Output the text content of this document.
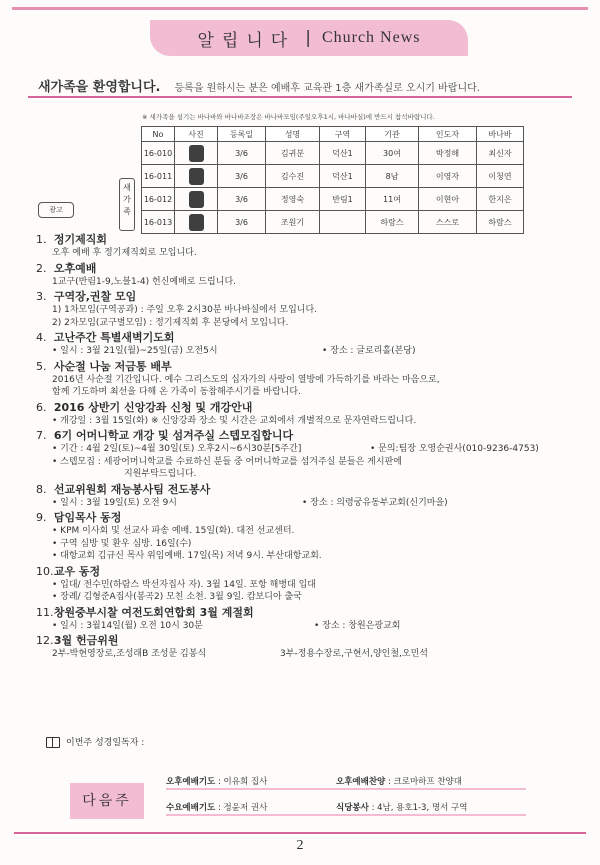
알립니다 | Church News
새가족을 환영합니다. 등록을 원하시는 분은 예배후 교육관 1층 새가족실로 오시기 바랍니다.
※ 새가족을 섬기는 바나바와 바나바조장은 바나바모임(주일오후1시, 바나바실)에 반드시 참석바랍니다.
No	사진	등록일	성명	구역	기관	인도자	바나바
16-010		3/6	김귀분	덕산1	30여	박정해	최신자
16-011		3/6	김수진	덕산1	8남	이영자	이청연
16-012		3/6	정영숙	반림1	11여	이현아	한지은
16-013		3/6	조원기		하람스	스스로	하람스
새가족
광고
1. 정기제직회
오후 예배 후 정기제직회로 모입니다.
2. 오후예배
1교구(반림1-9,노블1-4) 헌신예배로 드립니다.
3. 구역장,권찰 모임
1) 1차모임(구역공과) : 주일 오후 2시30분 바나바실에서 모입니다.
2) 2차모임(교구별모임) : 정기제직회 후 본당에서 모입니다.
4. 고난주간 특별새벽기도회
• 일시 : 3월 21일(월)~25일(금) 오전5시	• 장소 : 글로리홀(본당)
5. 사순절 나눔 저금통 배부
2016년 사순절 기간입니다. 예수 그리스도의 십자가의 사랑이 열방에 가득하기를 바라는 마음으로,
함께 기도하며 최선을 다해 온 가족이 동참해주시기를 바랍니다.
6. 2016 상반기 신앙강좌 신청 및 개강안내
• 개강일 : 3월 15일(화) ※ 신앙강좌 장소 및 시간은 교회에서 개별적으로 문자연락드립니다.
7. 6기 어머니학교 개강 및 섬겨주실 스텝모집합니다
• 기간 : 4월 2일(토)~4월 30일(토) 오후2시~6시30분[5주간]	• 문의:팀장 오영순권사(010-9236-4753)
• 스텝모집 : 세광어머니학교를 수료하신 분들 중 어머니학교를 섬겨주실 분들은 게시판에
지원부탁드립니다.
8. 선교위원회 재능봉사팀 전도봉사
• 일시 : 3월 19일(토) 오전 9시	• 장소 : 의령궁유동부교회(신기마을)
9. 담임목사 동정
• KPM 이사회 및 선교사 파송 예배. 15일(화). 대전 선교센터.
• 구역 심방 및 환우 심방. 16일(수)
• 대항교회 김규신 목사 위임예배. 17일(목) 저녁 9시. 부산대항교회.
10. 교우 동정
• 입대/ 전수민(하람스 박선자집사 자). 3월 14일. 포항 해병대 입대
• 장례/ 김형준A집사(봉곡2) 모친 소천. 3월 9일. 캄보디아 출국
11. 창원중부시찰 여전도회연합회 3월 계절회
• 일시 : 3월14일(월) 오전 10시 30분	• 장소 : 창원은광교회
12. 3월 헌금위원
2부-박현영장로,조성래B 조성문 김봉식	3부-정용수장로,구현서,양인철,오민석
이번주 성경일독자 :
다음주
오후예배기도 : 이유희 집사	오후예배찬양 : 크로마하프 찬양대
수요예배기도 : 정윤저 권사	식당봉사 : 4남, 용호1-3, 명서 구역
2
